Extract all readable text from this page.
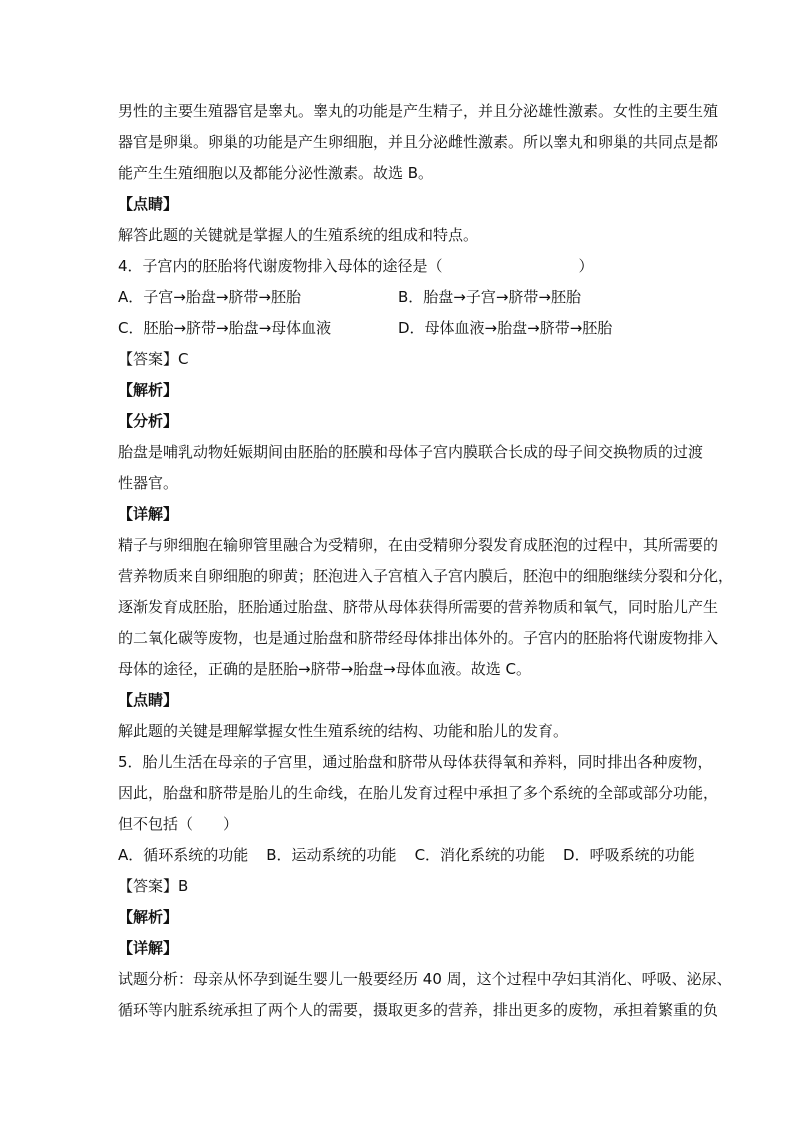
男性的主要生殖器官是睾丸。睾丸的功能是产生精子，并且分泌雄性激素。女性的主要生殖
器官是卵巢。卵巢的功能是产生卵细胞，并且分泌雌性激素。所以睾丸和卵巢的共同点是都
能产生生殖细胞以及都能分泌性激素。故选 B。
【点睛】
解答此题的关键就是掌握人的生殖系统的组成和特点。
4．子宫内的胚胎将代谢废物排入母体的途径是（	）
A．子宫→胎盘→脐带→胚胎	B．胎盘→子宫→脐带→胚胎
C．胚胎→脐带→胎盘→母体血液	D．母体血液→胎盘→脐带→胚胎
【答案】C
【解析】
【分析】
胎盘是哺乳动物妊娠期间由胚胎的胚膜和母体子宫内膜联合长成的母子间交换物质的过渡
性器官。
【详解】
精子与卵细胞在输卵管里融合为受精卵，在由受精卵分裂发育成胚泡的过程中，其所需要的
营养物质来自卵细胞的卵黄；胚泡进入子宫植入子宫内膜后，胚泡中的细胞继续分裂和分化，
逐渐发育成胚胎，胚胎通过胎盘、脐带从母体获得所需要的营养物质和氧气，同时胎儿产生
的二氧化碳等废物，也是通过胎盘和脐带经母体排出体外的。子宫内的胚胎将代谢废物排入
母体的途径，正确的是胚胎→脐带→胎盘→母体血液。故选 C。
【点睛】
解此题的关键是理解掌握女性生殖系统的结构、功能和胎儿的发育。
5．胎儿生活在母亲的子宫里，通过胎盘和脐带从母体获得氧和养料，同时排出各种废物，
因此，胎盘和脐带是胎儿的生命线，在胎儿发育过程中承担了多个系统的全部或部分功能，
但不包括（　　）
A．循环系统的功能 B．运动系统的功能 C．消化系统的功能 D．呼吸系统的功能
【答案】B
【解析】
【详解】
试题分析：母亲从怀孕到诞生婴儿一般要经历 40 周，这个过程中孕妇其消化、呼吸、泌尿、
循环等内脏系统承担了两个人的需要，摄取更多的营养，排出更多的废物，承担着繁重的负
